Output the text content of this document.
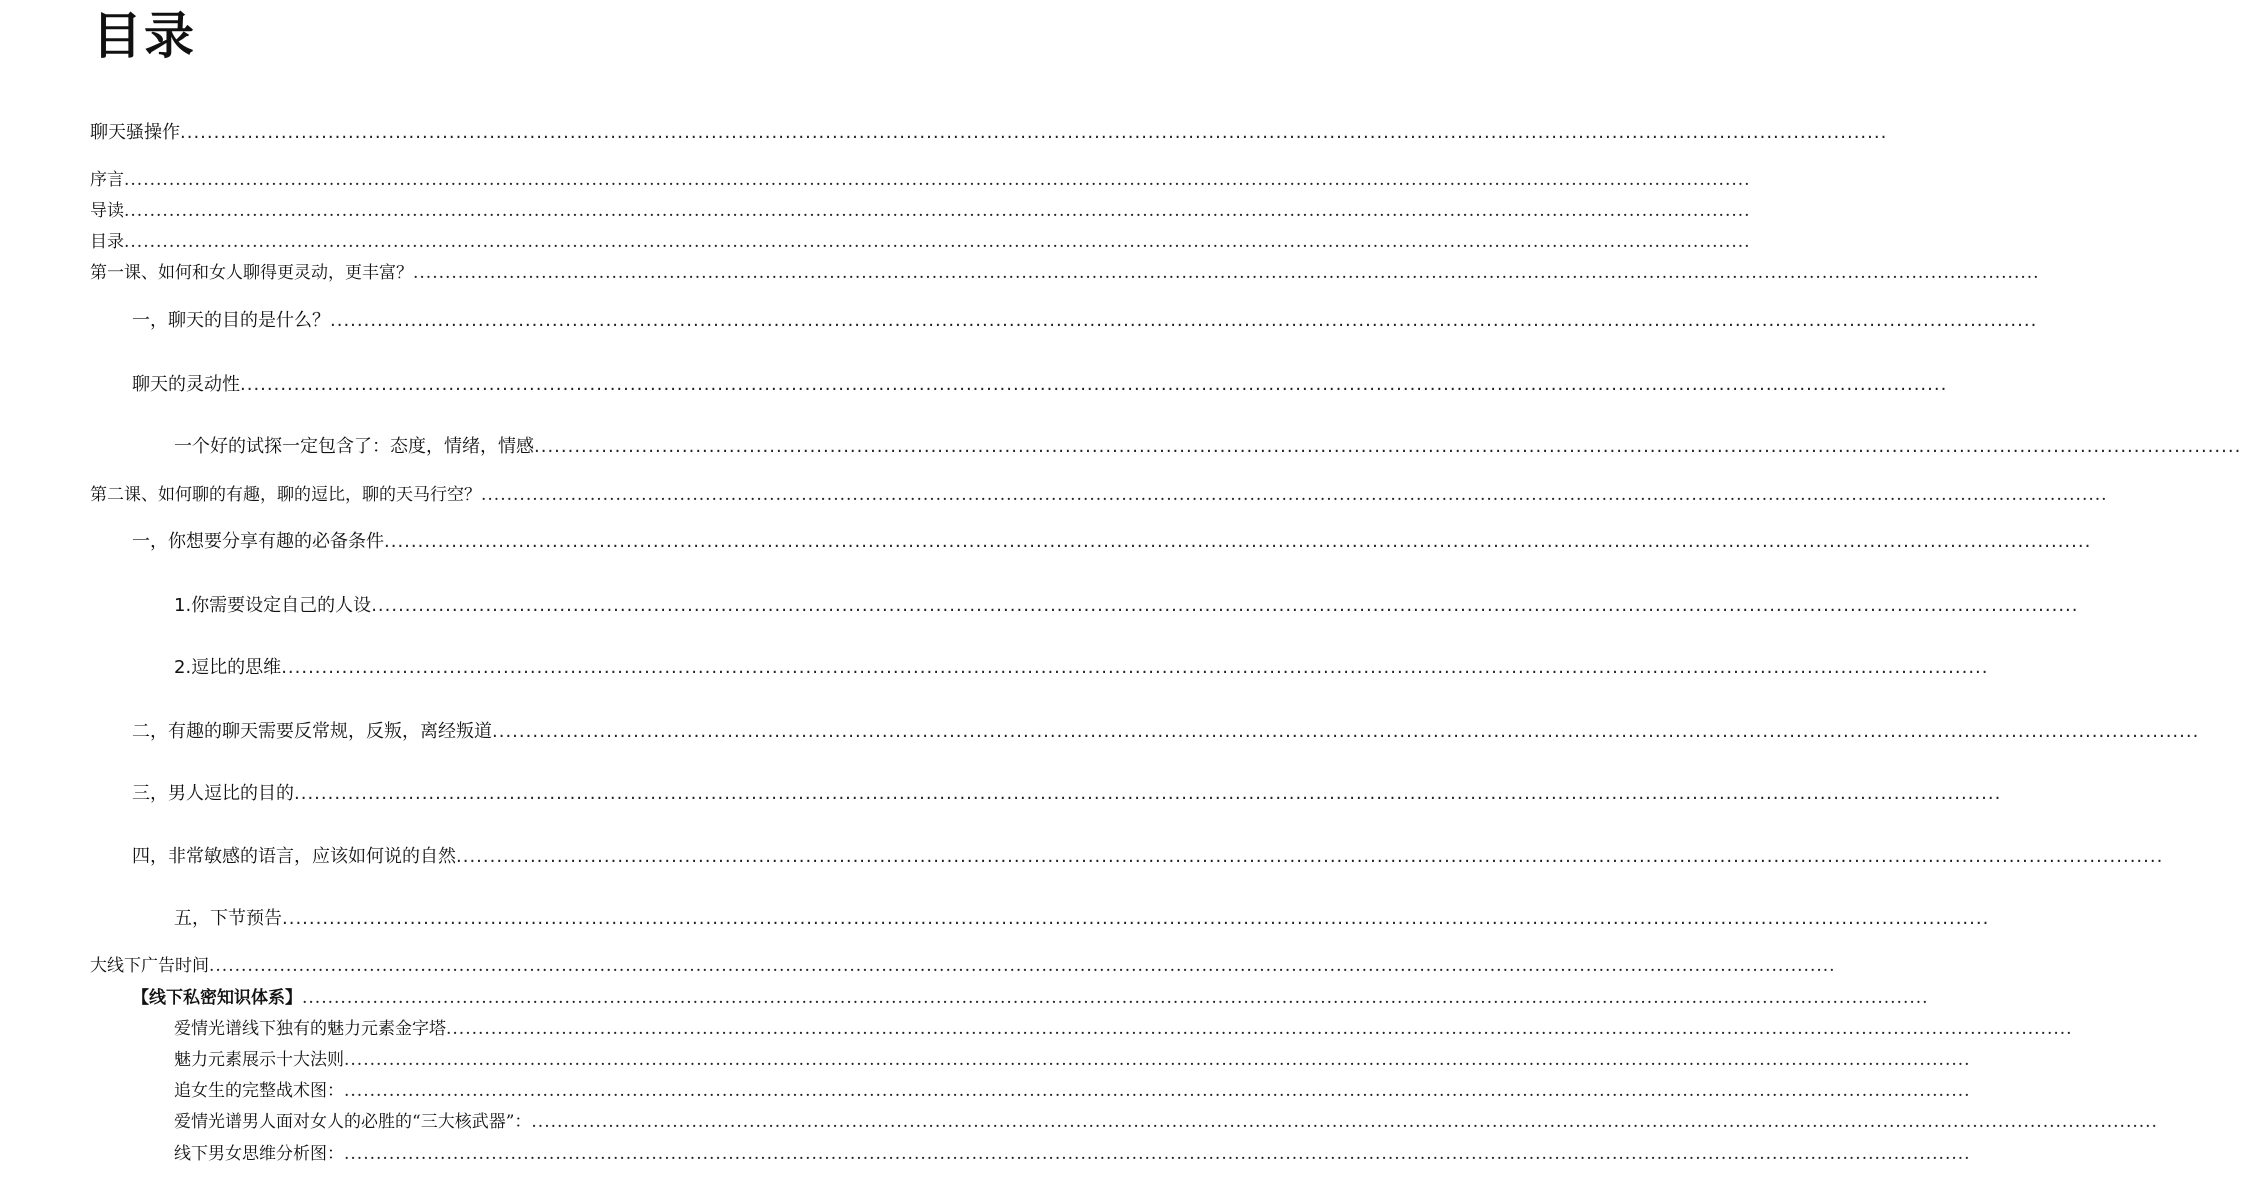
目录
聊天骚操作 ..............................................................................................................................................................................................................................................................
序言 ..............................................................................................................................................................................................................................................................
导读 ..............................................................................................................................................................................................................................................................
目录 ..............................................................................................................................................................................................................................................................
第一课、如何和女人聊得更灵动，更丰富？ ..............................................................................................................................................................................................................................................................
一，聊天的目的是什么？ ..............................................................................................................................................................................................................................................................
聊天的灵动性 ..............................................................................................................................................................................................................................................................
一个好的试探一定包含了：态度，情绪，情感 ..............................................................................................................................................................................................................................................................
第二课、如何聊的有趣，聊的逗比，聊的天马行空？ ..............................................................................................................................................................................................................................................................
一，你想要分享有趣的必备条件 ..............................................................................................................................................................................................................................................................
1.你需要设定自己的人设 ..............................................................................................................................................................................................................................................................
2.逗比的思维 ..............................................................................................................................................................................................................................................................
二，有趣的聊天需要反常规，反叛，离经叛道 ..............................................................................................................................................................................................................................................................
三，男人逗比的目的 ..............................................................................................................................................................................................................................................................
四，非常敏感的语言，应该如何说的自然 ..............................................................................................................................................................................................................................................................
五，下节预告 ..............................................................................................................................................................................................................................................................
大线下广告时间 ..............................................................................................................................................................................................................................................................
【线下私密知识体系】 ..............................................................................................................................................................................................................................................................
爱情光谱线下独有的魅力元素金字塔 ..............................................................................................................................................................................................................................................................
魅力元素展示十大法则 ..............................................................................................................................................................................................................................................................
追女生的完整战术图： ..............................................................................................................................................................................................................................................................
爱情光谱男人面对女人的必胜的“三大核武器”： ..............................................................................................................................................................................................................................................................
线下男女思维分析图： ..............................................................................................................................................................................................................................................................
